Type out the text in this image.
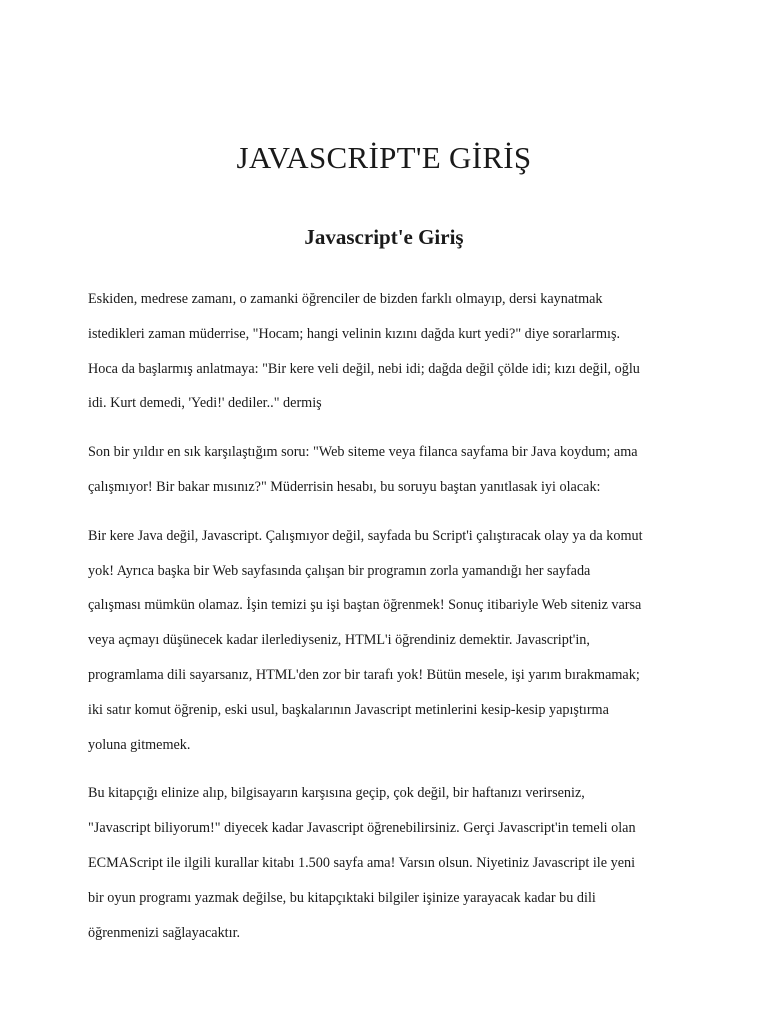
JAVASCRİPT'E GİRİŞ
Javascript'e Giriş

Eskiden, medrese zamanı, o zamanki öğrenciler de bizden farklı olmayıp, dersi kaynatmak
istedikleri zaman müderrise, "Hocam; hangi velinin kızını dağda kurt yedi?" diye sorarlarmış.
Hoca da başlarmış anlatmaya: "Bir kere veli değil, nebi idi; dağda değil çölde idi; kızı değil, oğlu
idi. Kurt demedi, 'Yedi!' dediler.." dermiş

Son bir yıldır en sık karşılaştığım soru: "Web siteme veya filanca sayfama bir Java koydum; ama
çalışmıyor! Bir bakar mısınız?" Müderrisin hesabı, bu soruyu baştan yanıtlasak iyi olacak:

Bir kere Java değil, Javascript. Çalışmıyor değil, sayfada bu Script'i çalıştıracak olay ya da komut
yok! Ayrıca başka bir Web sayfasında çalışan bir programın zorla yamandığı her sayfada
çalışması mümkün olamaz. İşin temizi şu işi baştan öğrenmek! Sonuç itibariyle Web siteniz varsa
veya açmayı düşünecek kadar ilerlediyseniz, HTML'i öğrendiniz demektir. Javascript'in,
programlama dili sayarsanız, HTML'den zor bir tarafı yok! Bütün mesele, işi yarım bırakmamak;
iki satır komut öğrenip, eski usul, başkalarının Javascript metinlerini kesip-kesip yapıştırma
yoluna gitmemek.

Bu kitapçığı elinize alıp, bilgisayarın karşısına geçip, çok değil, bir haftanızı verirseniz,
"Javascript biliyorum!" diyecek kadar Javascript öğrenebilirsiniz. Gerçi Javascript'in temeli olan
ECMAScript ile ilgili kurallar kitabı 1.500 sayfa ama! Varsın olsun. Niyetiniz Javascript ile yeni
bir oyun programı yazmak değilse, bu kitapçıktaki bilgiler işinize yarayacak kadar bu dili
öğrenmenizi sağlayacaktır.
